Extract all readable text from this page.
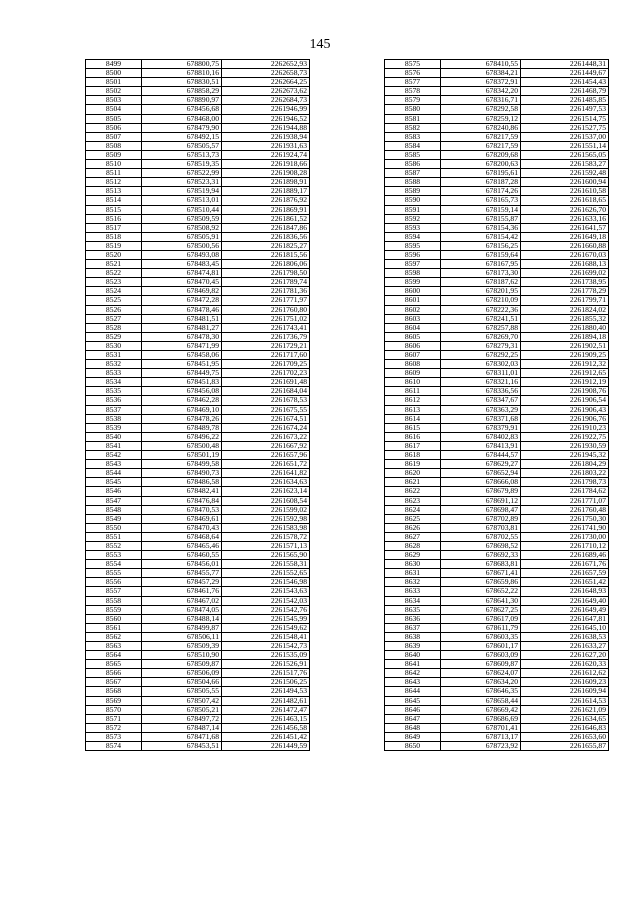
145
8499	678800,75	2262652,93
8500	678810,16	2262658,73
8501	678830,51	2262664,25
8502	678858,29	2262673,62
8503	678890,97	2262684,73
8504	678456,68	2261946,99
8505	678468,00	2261946,52
8506	678479,90	2261944,88
8507	678492,15	2261938,94
8508	678505,57	2261931,63
8509	678513,73	2261924,74
8510	678519,35	2261918,66
8511	678522,99	2261908,28
8512	678523,31	2261898,91
8513	678519,94	2261889,17
8514	678513,01	2261876,92
8515	678510,44	2261869,91
8516	678509,59	2261861,52
8517	678508,92	2261847,86
8518	678505,91	2261836,56
8519	678500,56	2261825,27
8520	678493,08	2261815,56
8521	678483,45	2261806,06
8522	678474,81	2261798,50
8523	678470,45	2261789,74
8524	678469,82	2261781,36
8525	678472,28	2261771,97
8526	678478,46	2261760,80
8527	678481,51	2261751,02
8528	678481,27	2261743,41
8529	678478,30	2261736,79
8530	678471,99	2261729,21
8531	678458,06	2261717,60
8532	678451,95	2261709,25
8533	678449,75	2261702,23
8534	678451,83	2261691,48
8535	678456,08	2261684,04
8536	678462,28	2261678,53
8537	678469,10	2261675,55
8538	678478,26	2261674,51
8539	678489,78	2261674,24
8540	678496,22	2261673,22
8541	678500,48	2261667,92
8542	678501,19	2261657,96
8543	678499,58	2261651,72
8544	678490,73	2261641,82
8545	678486,58	2261634,63
8546	678482,41	2261623,14
8547	678476,84	2261608,54
8548	678470,53	2261599,02
8549	678469,61	2261592,98
8550	678470,43	2261583,98
8551	678468,64	2261578,72
8552	678465,46	2261571,13
8553	678460,55	2261565,90
8554	678456,01	2261558,31
8555	678455,77	2261552,65
8556	678457,29	2261546,98
8557	678461,76	2261543,63
8558	678467,02	2261542,03
8559	678474,05	2261542,76
8560	678488,14	2261545,99
8561	678499,87	2261549,62
8562	678506,11	2261548,41
8563	678509,39	2261542,73
8564	678510,90	2261535,09
8565	678509,87	2261526,91
8566	678506,09	2261517,76
8567	678504,66	2261506,25
8568	678505,55	2261494,53
8569	678507,42	2261482,61
8570	678505,21	2261472,47
8571	678497,72	2261463,15
8572	678487,14	2261456,58
8573	678471,68	2261451,42
8574	678453,51	2261449,59
8575	678410,55	2261448,31
8576	678384,21	2261449,67
8577	678372,91	2261454,43
8578	678342,20	2261468,79
8579	678316,71	2261485,85
8580	678292,58	2261497,53
8581	678259,12	2261514,75
8582	678240,86	2261527,75
8583	678217,59	2261537,00
8584	678217,59	2261551,14
8585	678209,68	2261565,05
8586	678200,63	2261583,27
8587	678195,61	2261592,48
8588	678187,28	2261600,94
8589	678174,26	2261610,58
8590	678165,73	2261618,65
8591	678159,14	2261626,70
8592	678155,87	2261633,16
8593	678154,36	2261641,57
8594	678154,42	2261649,18
8595	678156,25	2261660,88
8596	678159,64	2261670,03
8597	678167,95	2261688,13
8598	678173,30	2261699,02
8599	678187,62	2261738,95
8600	678201,95	2261778,29
8601	678210,09	2261799,71
8602	678222,36	2261824,02
8603	678241,51	2261855,32
8604	678257,88	2261880,40
8605	678269,70	2261894,18
8606	678279,31	2261902,51
8607	678292,25	2261909,25
8608	678302,03	2261912,32
8609	678311,01	2261912,65
8610	678321,16	2261912,19
8611	678336,56	2261908,76
8612	678347,67	2261906,54
8613	678363,29	2261906,43
8614	678371,68	2261906,76
8615	678379,91	2261910,23
8616	678402,83	2261922,75
8617	678413,91	2261930,59
8618	678444,57	2261945,32
8619	678629,27	2261804,29
8620	678652,94	2261803,22
8621	678666,08	2261798,73
8622	678679,89	2261784,62
8623	678691,12	2261771,07
8624	678698,47	2261760,48
8625	678702,89	2261750,30
8626	678703,81	2261741,90
8627	678702,55	2261730,00
8628	678698,52	2261710,12
8629	678692,33	2261689,46
8630	678683,81	2261671,76
8631	678671,41	2261657,59
8632	678659,86	2261651,42
8633	678652,22	2261648,93
8634	678641,30	2261649,40
8635	678627,25	2261649,49
8636	678617,09	2261647,81
8637	678611,79	2261645,10
8638	678603,35	2261638,53
8639	678601,17	2261633,27
8640	678603,09	2261627,20
8641	678609,87	2261620,33
8642	678624,07	2261612,62
8643	678634,20	2261609,23
8644	678646,35	2261609,94
8645	678658,44	2261614,53
8646	678669,42	2261621,09
8647	678686,69	2261634,65
8648	678701,41	2261646,83
8649	678713,17	2261653,60
8650	678723,92	2261655,87
